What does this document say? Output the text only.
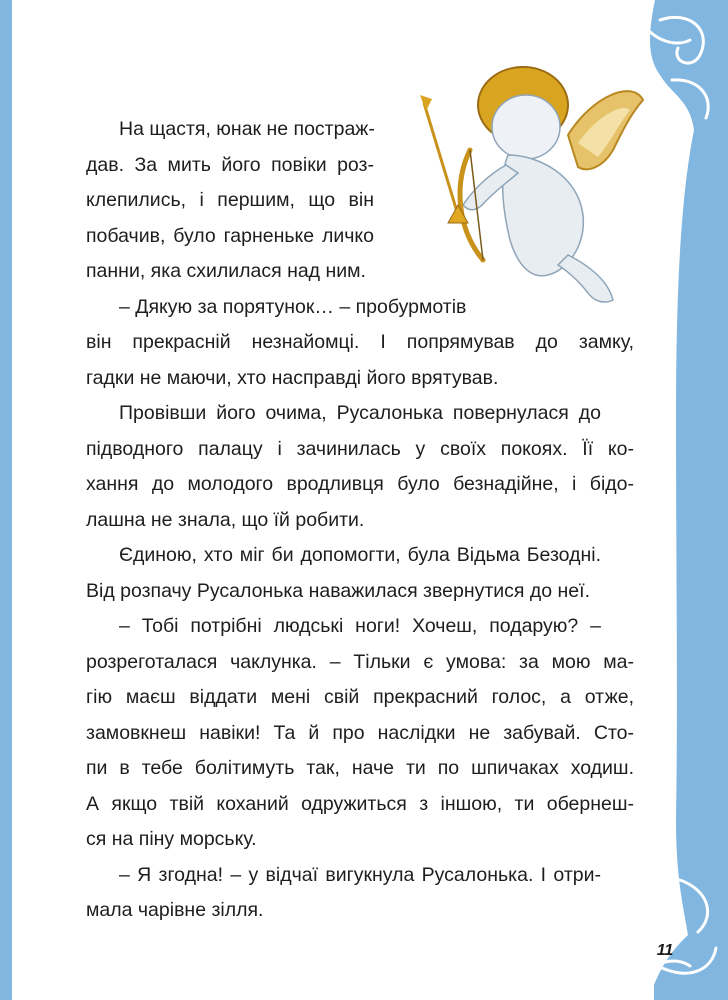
На щастя, юнак не постраж-
дав. За мить його повіки роз-
клепились, і першим, що він
побачив, було гарненьке личко
панни, яка схилилася над ним.

– Дякую за порятунок… – пробурмотів
він прекрасній незнайомці. І попрямував до замку,
гадки не маючи, хто насправді його врятував.

Провівши його очима, Русалонька повернулася до
підводного палацу і зачинилась у своїх покоях. Її ко-
хання до молодого вродливця було безнадійне, і бідо-
лашна не знала, що їй робити.

Єдиною, хто міг би допомогти, була Відьма Безодні.
Від розпачу Русалонька наважилася звернутися до неї.

– Тобі потрібні людські ноги! Хочеш, подарую? –
розреготалася чаклунка. – Тільки є умова: за мою ма-
гію маєш віддати мені свій прекрасний голос, а отже,
замовкнеш навіки! Та й про наслідки не забувай. Сто-
пи в тебе болітимуть так, наче ти по шпичаках ходиш.
А якщо твій коханий одружиться з іншою, ти обернеш-
ся на піну морську.

– Я згодна! – у відчаї вигукнула Русалонька. І отри-
мала чарівне зілля.

11
